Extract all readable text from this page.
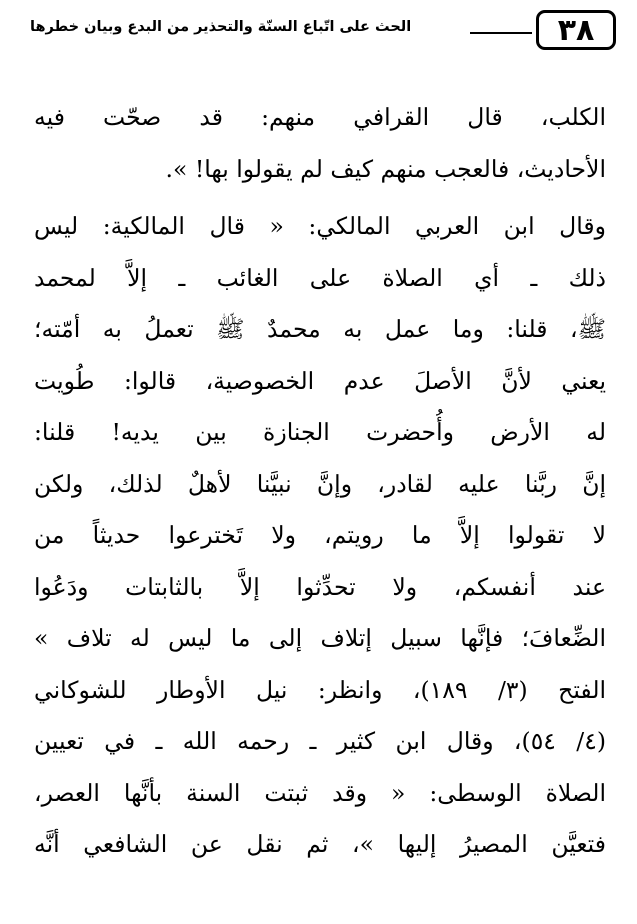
٣٨
الحث على اتّباع السنّة والتحذير من البدع وبيان خطرها
الكلب، قال القرافي منهم: قد صحّت فيه
الأحاديث، فالعجب منهم كيف لم يقولوا بها! ».
وقال ابن العربي المالكي: « قال المالكية: ليس
ذلك ـ أي الصلاة على الغائب ـ إلاَّ لمحمد
ﷺ، قلنا: وما عمل به محمدٌ ﷺ تعملُ به أمّته؛
يعني لأنَّ الأصلَ عدم الخصوصية، قالوا: طُويت
له الأرض وأُحضرت الجنازة بين يديه! قلنا:
إنَّ ربَّنا عليه لقادر، وإنَّ نبيَّنا لأهلٌ لذلك، ولكن
لا تقولوا إلاَّ ما رويتم، ولا تَخترعوا حديثاً من
عند أنفسكم، ولا تحدِّثوا إلاَّ بالثابتات ودَعُوا
الضِّعافَ؛ فإنَّها سبيل إتلاف إلى ما ليس له تلاف »
الفتح (٣/ ١٨٩)، وانظر: نيل الأوطار للشوكاني
(٤/ ٥٤)، وقال ابن كثير ـ رحمه الله ـ في تعيين
الصلاة الوسطى: « وقد ثبتت السنة بأنَّها العصر،
فتعيَّن المصيرُ إليها »، ثم نقل عن الشافعي أنَّه
